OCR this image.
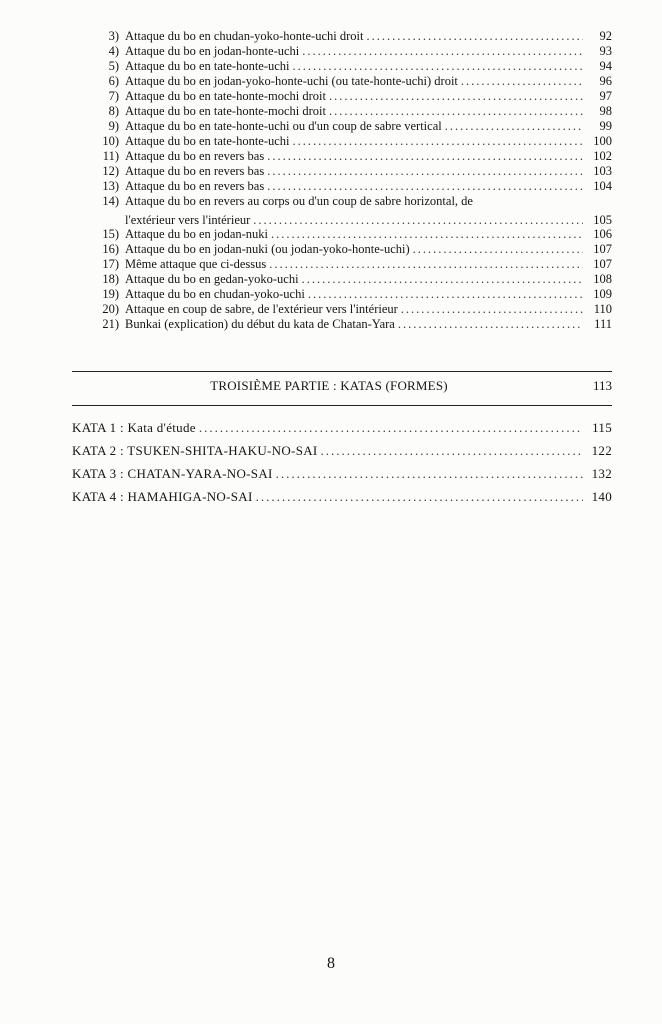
3) Attaque du bo en chudan-yoko-honte-uchi droit .....	92
4) Attaque du bo en jodan-honte-uchi .....	93
5) Attaque du bo en tate-honte-uchi .....	94
6) Attaque du bo en jodan-yoko-honte-uchi (ou tate-honte-uchi) droit .....	96
7) Attaque du bo en tate-honte-mochi droit .....	97
8) Attaque du bo en tate-honte-mochi droit .....	98
9) Attaque du bo en tate-honte-uchi ou d'un coup de sabre vertical .....	99
10) Attaque du bo en tate-honte-uchi .....	100
11) Attaque du bo en revers bas .....	102
12) Attaque du bo en revers bas .....	103
13) Attaque du bo en revers bas .....	104
14) Attaque du bo en revers au corps ou d'un coup de sabre horizontal, de
l'extérieur vers l'intérieur .....	105
15) Attaque du bo en jodan-nuki .....	106
16) Attaque du bo en jodan-nuki (ou jodan-yoko-honte-uchi) .....	107
17) Même attaque que ci-dessus .....	107
18) Attaque du bo en gedan-yoko-uchi .....	108
19) Attaque du bo en chudan-yoko-uchi .....	109
20) Attaque en coup de sabre, de l'extérieur vers l'intérieur .....	110
21) Bunkai (explication) du début du kata de Chatan-Yara .....	111
TROISIÈME PARTIE : KATAS (FORMES)	113
KATA 1 : Kata d'étude .....	115
KATA 2 : TSUKEN-SHITA-HAKU-NO-SAI .....	122
KATA 3 : CHATAN-YARA-NO-SAI .....	132
KATA 4 : HAMAHIGA-NO-SAI .....	140
8
